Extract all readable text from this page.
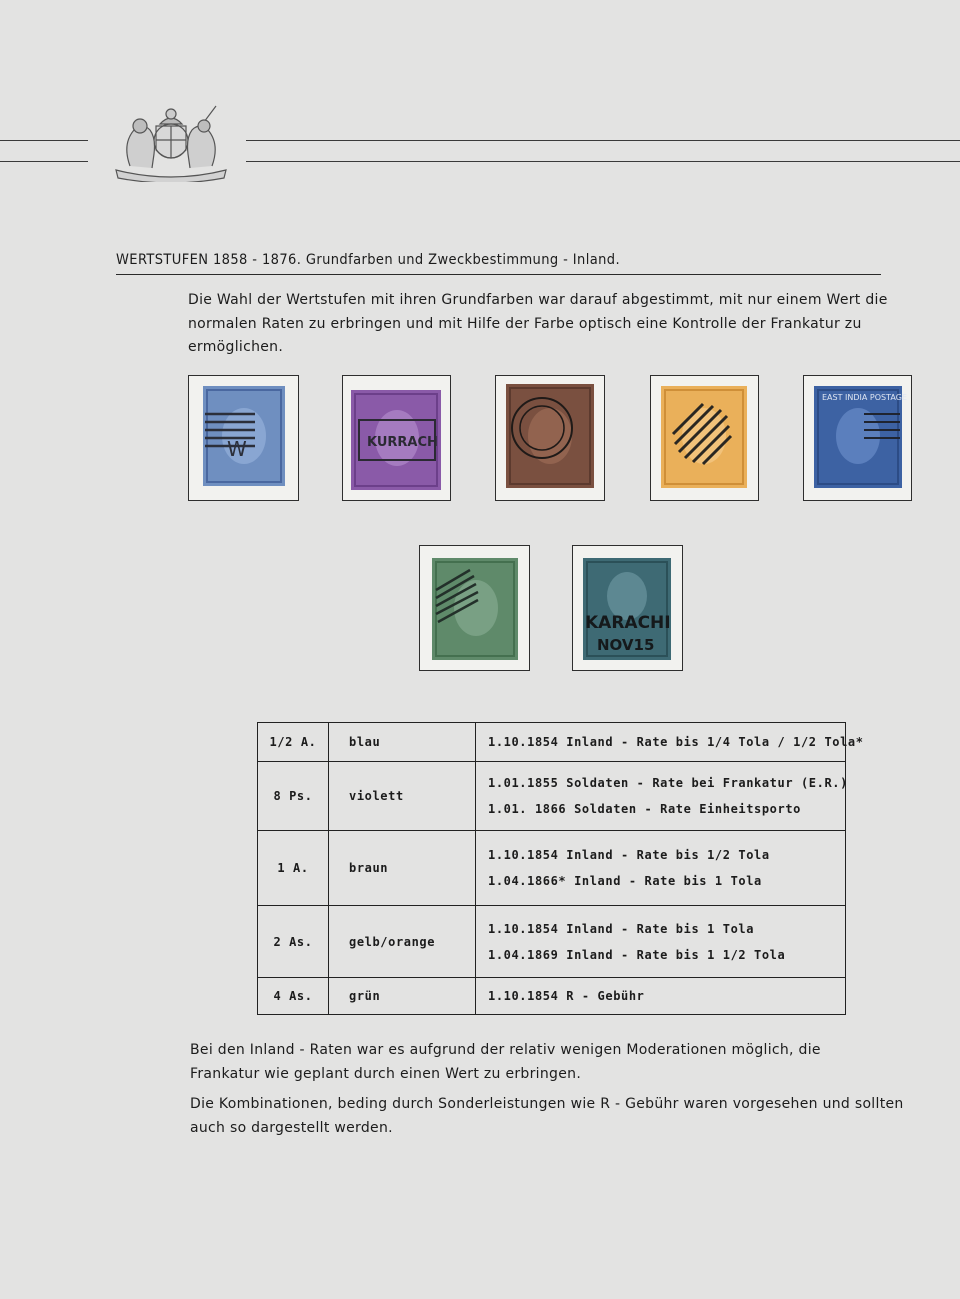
WERTSTUFEN 1858 - 1876. Grundfarben und Zweckbestimmung - Inland.
Die Wahl der Wertstufen mit ihren Grundfarben war darauf abgestimmt, mit nur einem Wert die normalen Raten zu erbringen und mit Hilfe der Farbe optisch eine Kontrolle der Frankatur zu ermöglichen.
W	KURRACH
EAST INDIA POSTAGE
KARACHI
NOV15
1/2 A.	blau	1.10.1854 Inland - Rate bis 1/4 Tola / 1/2 Tola*

8 Ps.	violett	1.01.1855 Soldaten - Rate bei Frankatur (E.R.)
1.01. 1866 Soldaten - Rate Einheitsporto

1 A.	braun	1.10.1854 Inland - Rate bis 1/2 Tola
1.04.1866* Inland - Rate bis 1 Tola

2 As.	gelb/orange	1.10.1854 Inland - Rate bis 1 Tola
1.04.1869 Inland - Rate bis 1 1/2 Tola

4 As.	grün	1.10.1854 R - Gebühr
Bei den Inland - Raten war es aufgrund der relativ wenigen Moderationen möglich, die Frankatur wie geplant durch einen Wert zu erbringen.
Die Kombinationen, beding durch Sonderleistungen wie R - Gebühr waren vorgesehen und sollten auch so dargestellt werden.
